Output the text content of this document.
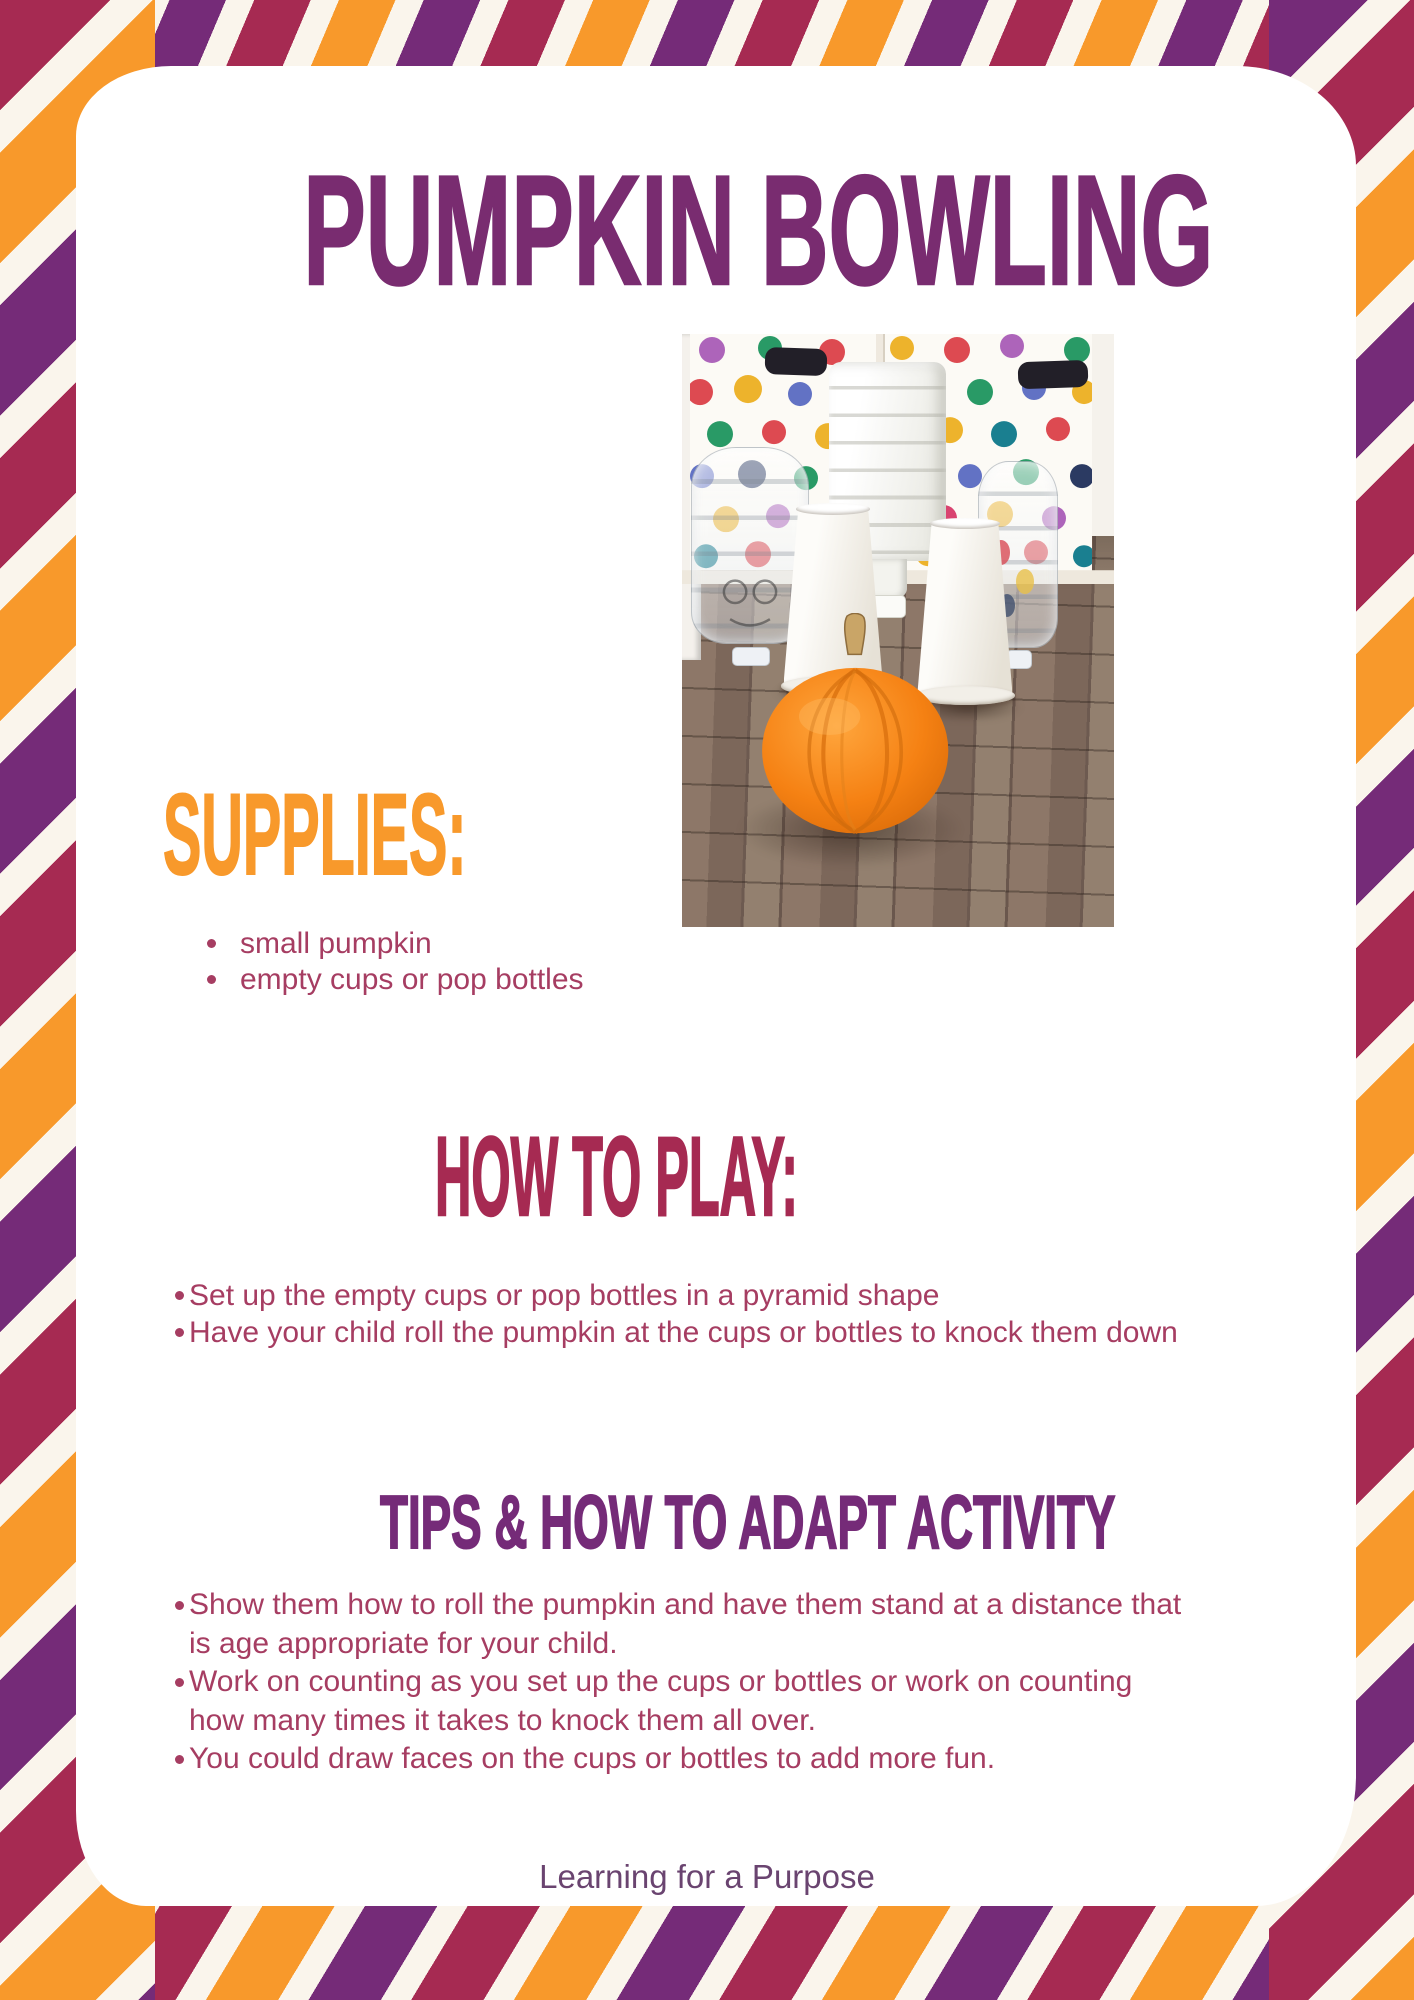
PUMPKIN BOWLING
SUPPLIES:
small pumpkin
empty cups or pop bottles
HOW TO PLAY:
Set up the empty cups or pop bottles in a pyramid shape
Have your child roll the pumpkin at the cups or bottles to knock them down
TIPS & HOW TO ADAPT ACTIVITY
Show them how to roll the pumpkin and have them stand at a distance that is age appropriate for your child.
Work on counting as you set up the cups or bottles or work on counting how many times it takes to knock them all over.
You could draw faces on the cups or bottles to add more fun.
Learning for a Purpose
